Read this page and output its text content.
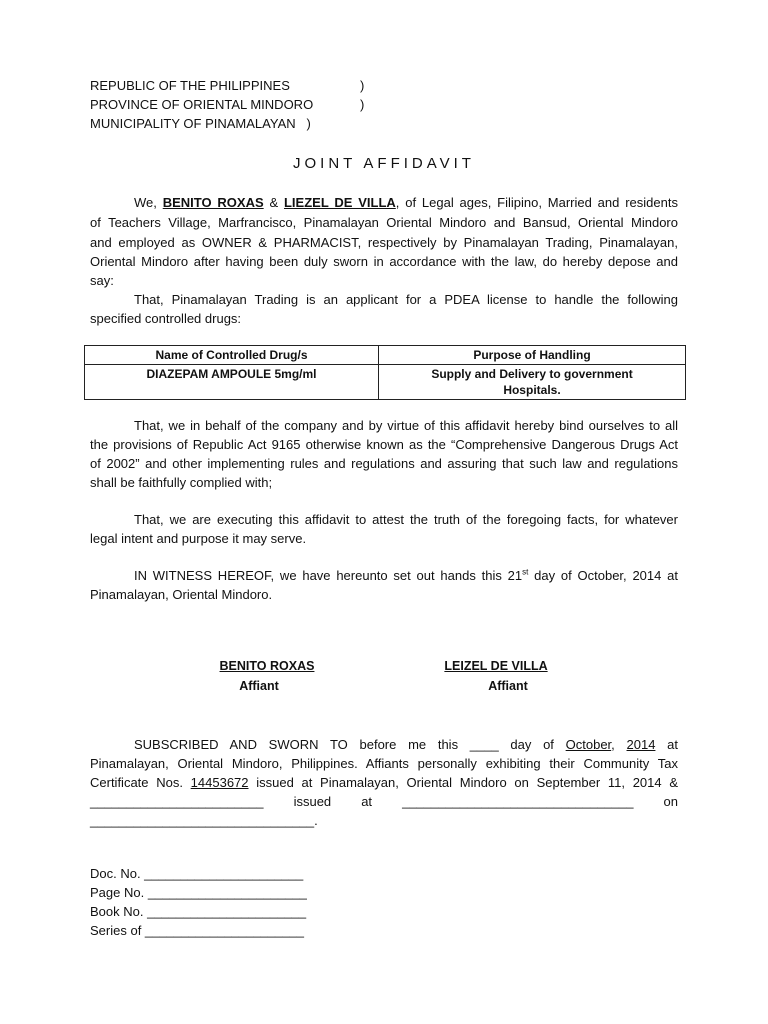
REPUBLIC OF THE PHILIPPINES	)
PROVINCE OF ORIENTAL MINDORO	)
MUNICIPALITY OF PINAMALAYAN )
JOINT AFFIDAVIT
We, BENITO ROXAS & LIEZEL DE VILLA, of Legal ages, Filipino, Married and residents
of Teachers Village, Marfrancisco, Pinamalayan Oriental Mindoro and Bansud, Oriental Mindoro
and employed as OWNER & PHARMACIST, respectively by Pinamalayan Trading, Pinamalayan,
Oriental Mindoro after having been duly sworn in accordance with the law, do hereby depose and
say:
That, Pinamalayan Trading is an applicant for a PDEA license to handle the following
specified controlled drugs:
Name of Controlled Drug/s	Purpose of Handling
DIAZEPAM AMPOULE 5mg/ml	Supply and Delivery to government Hospitals.
That, we in behalf of the company and by virtue of this affidavit hereby bind ourselves to all
the provisions of Republic Act 9165 otherwise known as the “Comprehensive Dangerous Drugs Act
of 2002” and other implementing rules and regulations and assuring that such law and regulations
shall be faithfully complied with;
That, we are executing this affidavit to attest the truth of the foregoing facts, for whatever
legal intent and purpose it may serve.
IN WITNESS HEREOF, we have hereunto set out hands this 21st day of October, 2014 at
Pinamalayan, Oriental Mindoro.
BENITO ROXAS
Affiant
LEIZEL DE VILLA
Affiant
SUBSCRIBED AND SWORN TO before me this ____ day of October, 2014 at
Pinamalayan, Oriental Mindoro, Philippines. Affiants personally exhibiting their Community Tax
Certificate Nos. 14453672 issued at Pinamalayan, Oriental Mindoro on September 11, 2014 &
________________________ issued at ________________________________ on
_______________________________.
Doc. No. ______________________
Page No. ______________________
Book No. ______________________
Series of ______________________
